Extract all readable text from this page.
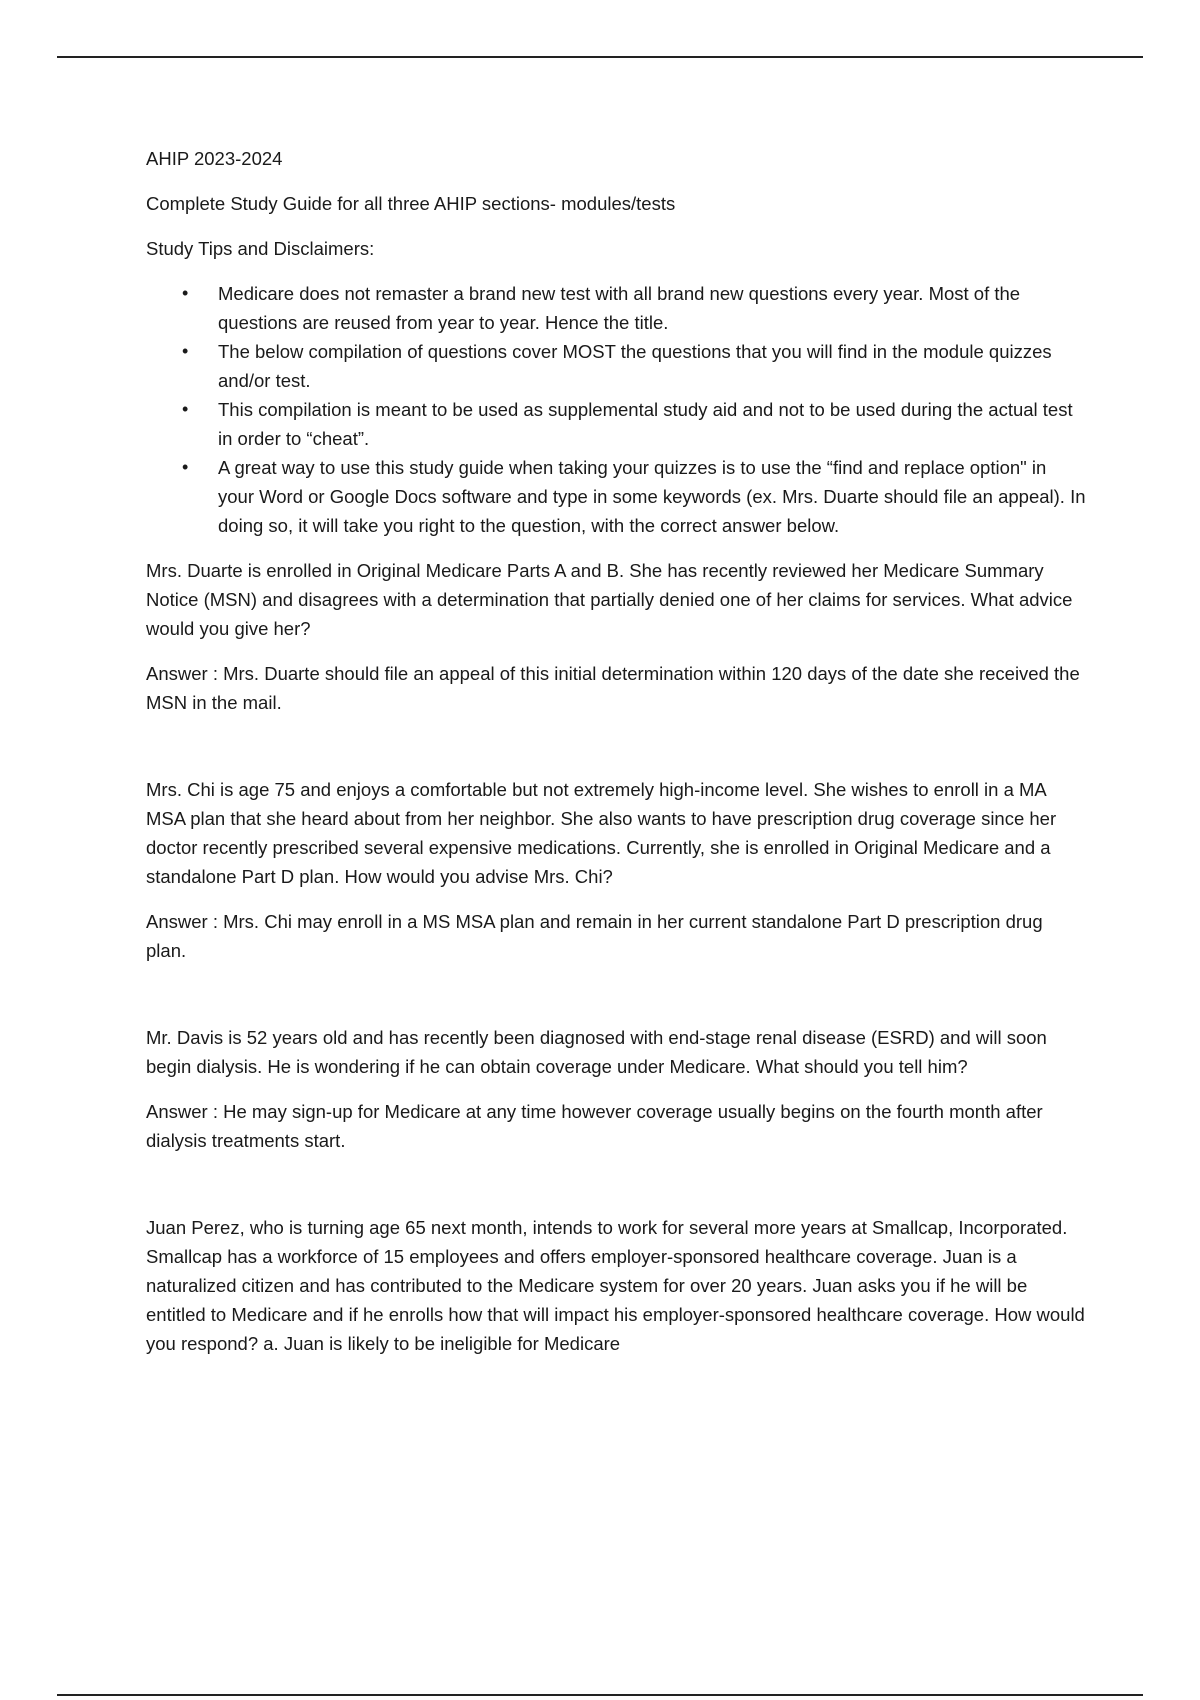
AHIP 2023-2024

Complete Study Guide for all three AHIP sections- modules/tests

Study Tips and Disclaimers:

• Medicare does not remaster a brand new test with all brand new questions every year. Most of the questions are reused from year to year. Hence the title.
• The below compilation of questions cover MOST the questions that you will find in the module quizzes and/or test.
• This compilation is meant to be used as supplemental study aid and not to be used during the actual test in order to “cheat”.
• A great way to use this study guide when taking your quizzes is to use the “find and replace option" in your Word or Google Docs software and type in some keywords (ex. Mrs. Duarte should file an appeal). In doing so, it will take you right to the question, with the correct answer below.

Mrs. Duarte is enrolled in Original Medicare Parts A and B. She has recently reviewed her Medicare Summary Notice (MSN) and disagrees with a determination that partially denied one of her claims for services. What advice would you give her?

Answer : Mrs. Duarte should file an appeal of this initial determination within 120 days of the date she received the MSN in the mail.

Mrs. Chi is age 75 and enjoys a comfortable but not extremely high-income level. She wishes to enroll in a MA MSA plan that she heard about from her neighbor. She also wants to have prescription drug coverage since her doctor recently prescribed several expensive medications. Currently, she is enrolled in Original Medicare and a standalone Part D plan. How would you advise Mrs. Chi?

Answer : Mrs. Chi may enroll in a MS MSA plan and remain in her current standalone Part D prescription drug plan.

Mr. Davis is 52 years old and has recently been diagnosed with end-stage renal disease (ESRD) and will soon begin dialysis. He is wondering if he can obtain coverage under Medicare. What should you tell him?

Answer : He may sign-up for Medicare at any time however coverage usually begins on the fourth month after dialysis treatments start.

Juan Perez, who is turning age 65 next month, intends to work for several more years at Smallcap, Incorporated. Smallcap has a workforce of 15 employees and offers employer-sponsored healthcare coverage. Juan is a naturalized citizen and has contributed to the Medicare system for over 20 years. Juan asks you if he will be entitled to Medicare and if he enrolls how that will impact his employer-sponsored healthcare coverage. How would you respond? a. Juan is likely to be ineligible for Medicare
